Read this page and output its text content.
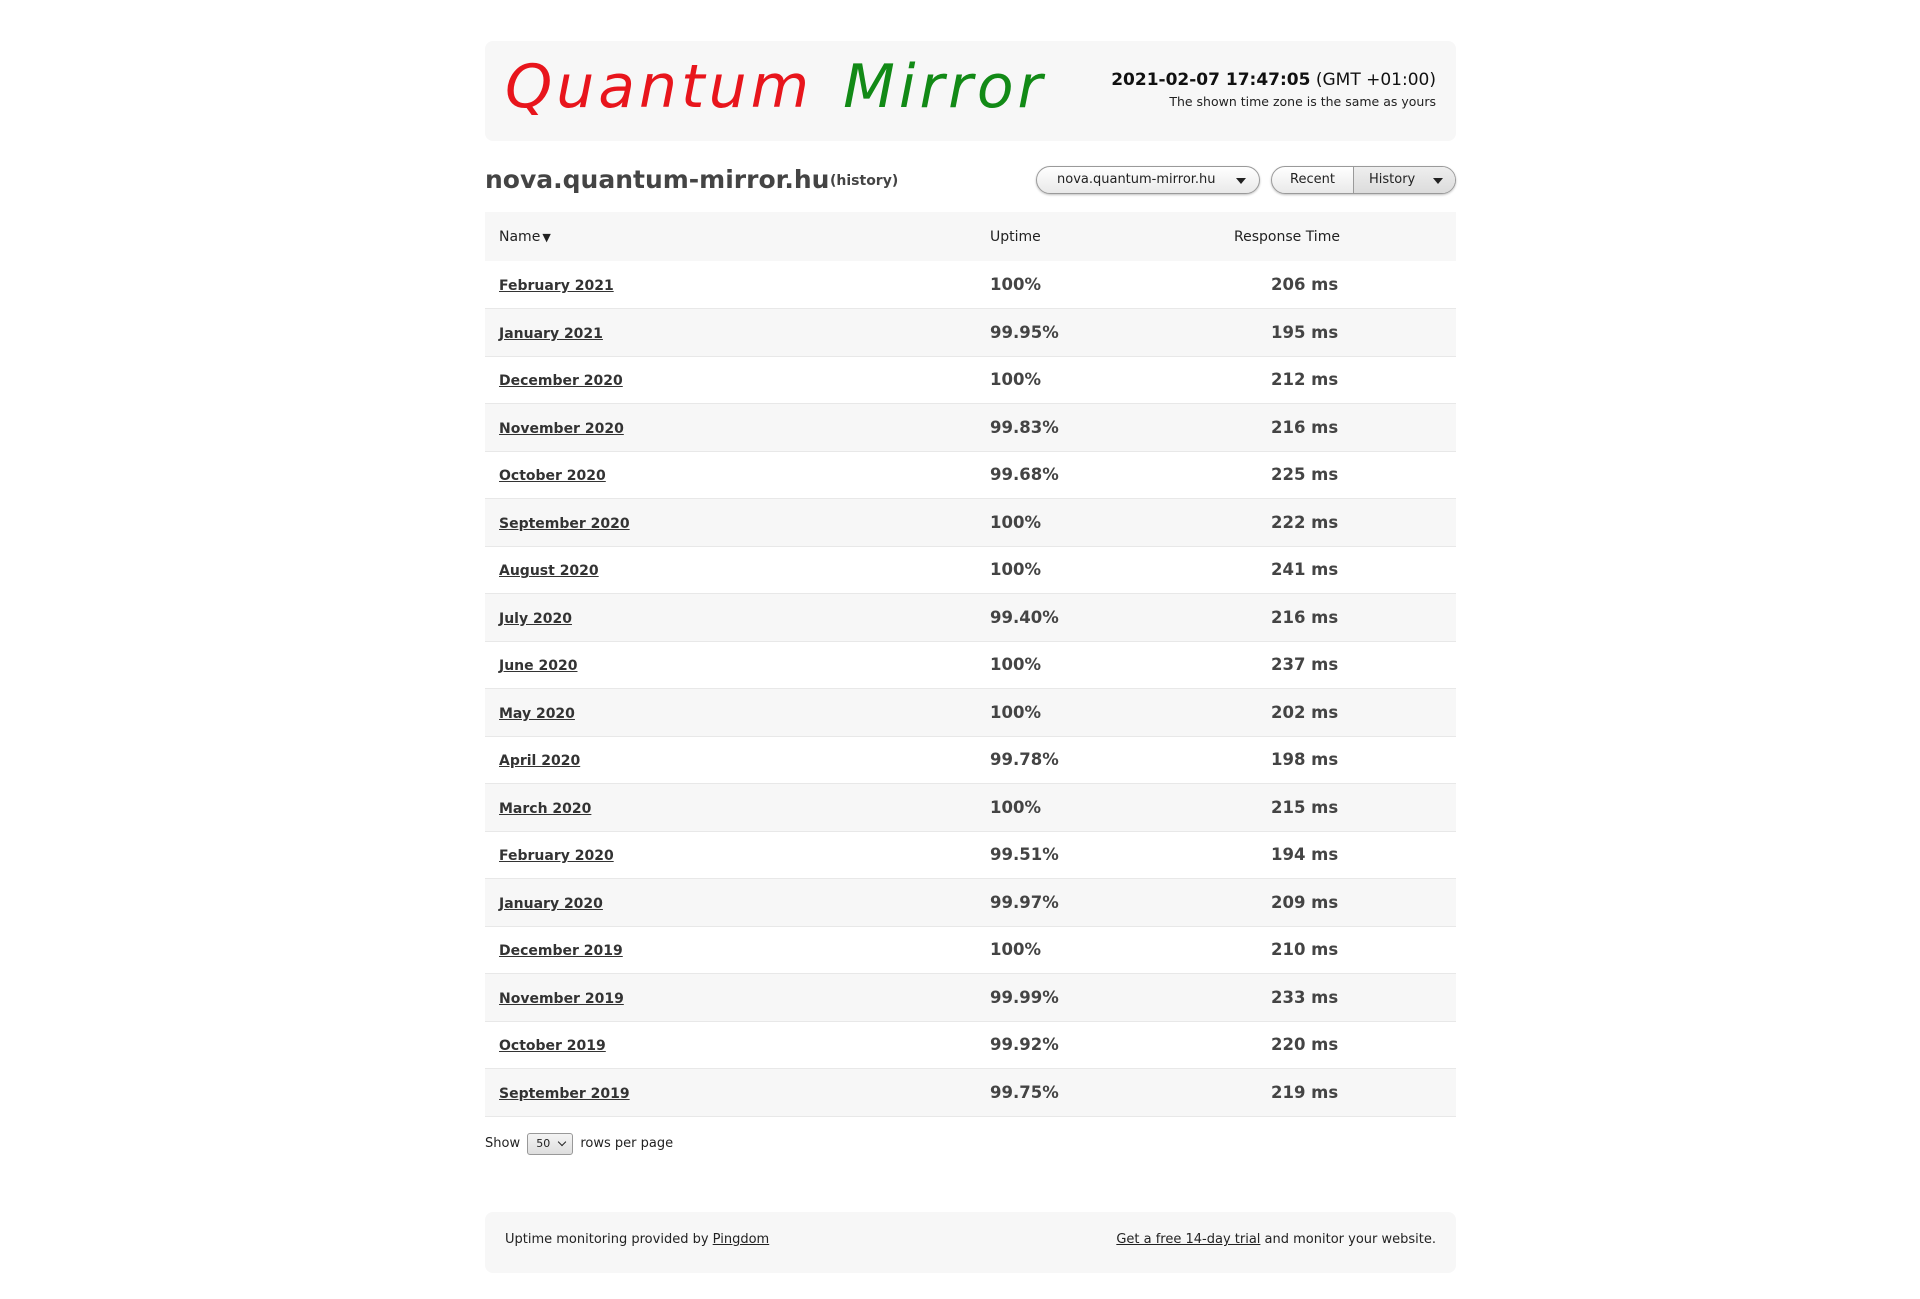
Quantum Mirror	2021-02-07 17:47:05 (GMT +01:00)
The shown time zone is the same as yours
nova.quantum-mirror.hu (history)	nova.quantum-mirror.hu	Recent	History
Name ▼	Uptime	Response Time
February 2021	100%	206 ms
January 2021	99.95%	195 ms
December 2020	100%	212 ms
November 2020	99.83%	216 ms
October 2020	99.68%	225 ms
September 2020	100%	222 ms
August 2020	100%	241 ms
July 2020	99.40%	216 ms
June 2020	100%	237 ms
May 2020	100%	202 ms
April 2020	99.78%	198 ms
March 2020	100%	215 ms
February 2020	99.51%	194 ms
January 2020	99.97%	209 ms
December 2019	100%	210 ms
November 2019	99.99%	233 ms
October 2019	99.92%	220 ms
September 2019	99.75%	219 ms
Show 50 rows per page
Uptime monitoring provided by Pingdom	Get a free 14-day trial and monitor your website.
